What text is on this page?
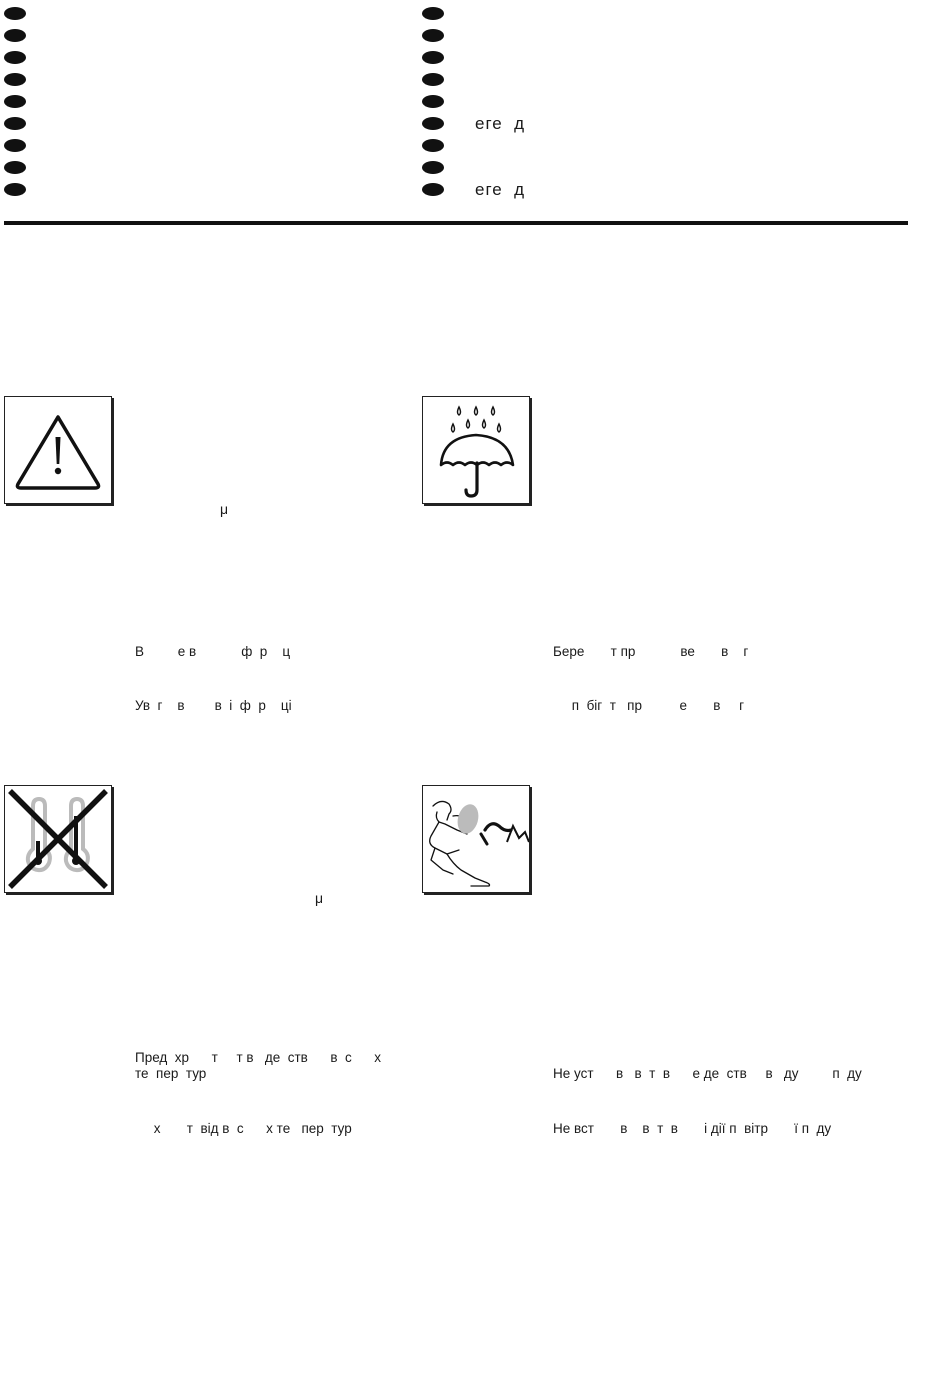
еге  д
еге  д
μ
В         е в            ф  р    ц
Ув  г    в        в  і  ф  р    ці
Бере       т пр            ве       в    г
п  біг  т   пр          е       в     г
μ
Пред  хр      т     т в   де  ств      в  с      х
те  пер  тур
х       т  від в  с      х те   пер  тур
Не уст      в   в  т  в      е де  ств     в   ду         п  ду
Не вст       в    в  т  в       і дії п  вітр       ї п  ду
